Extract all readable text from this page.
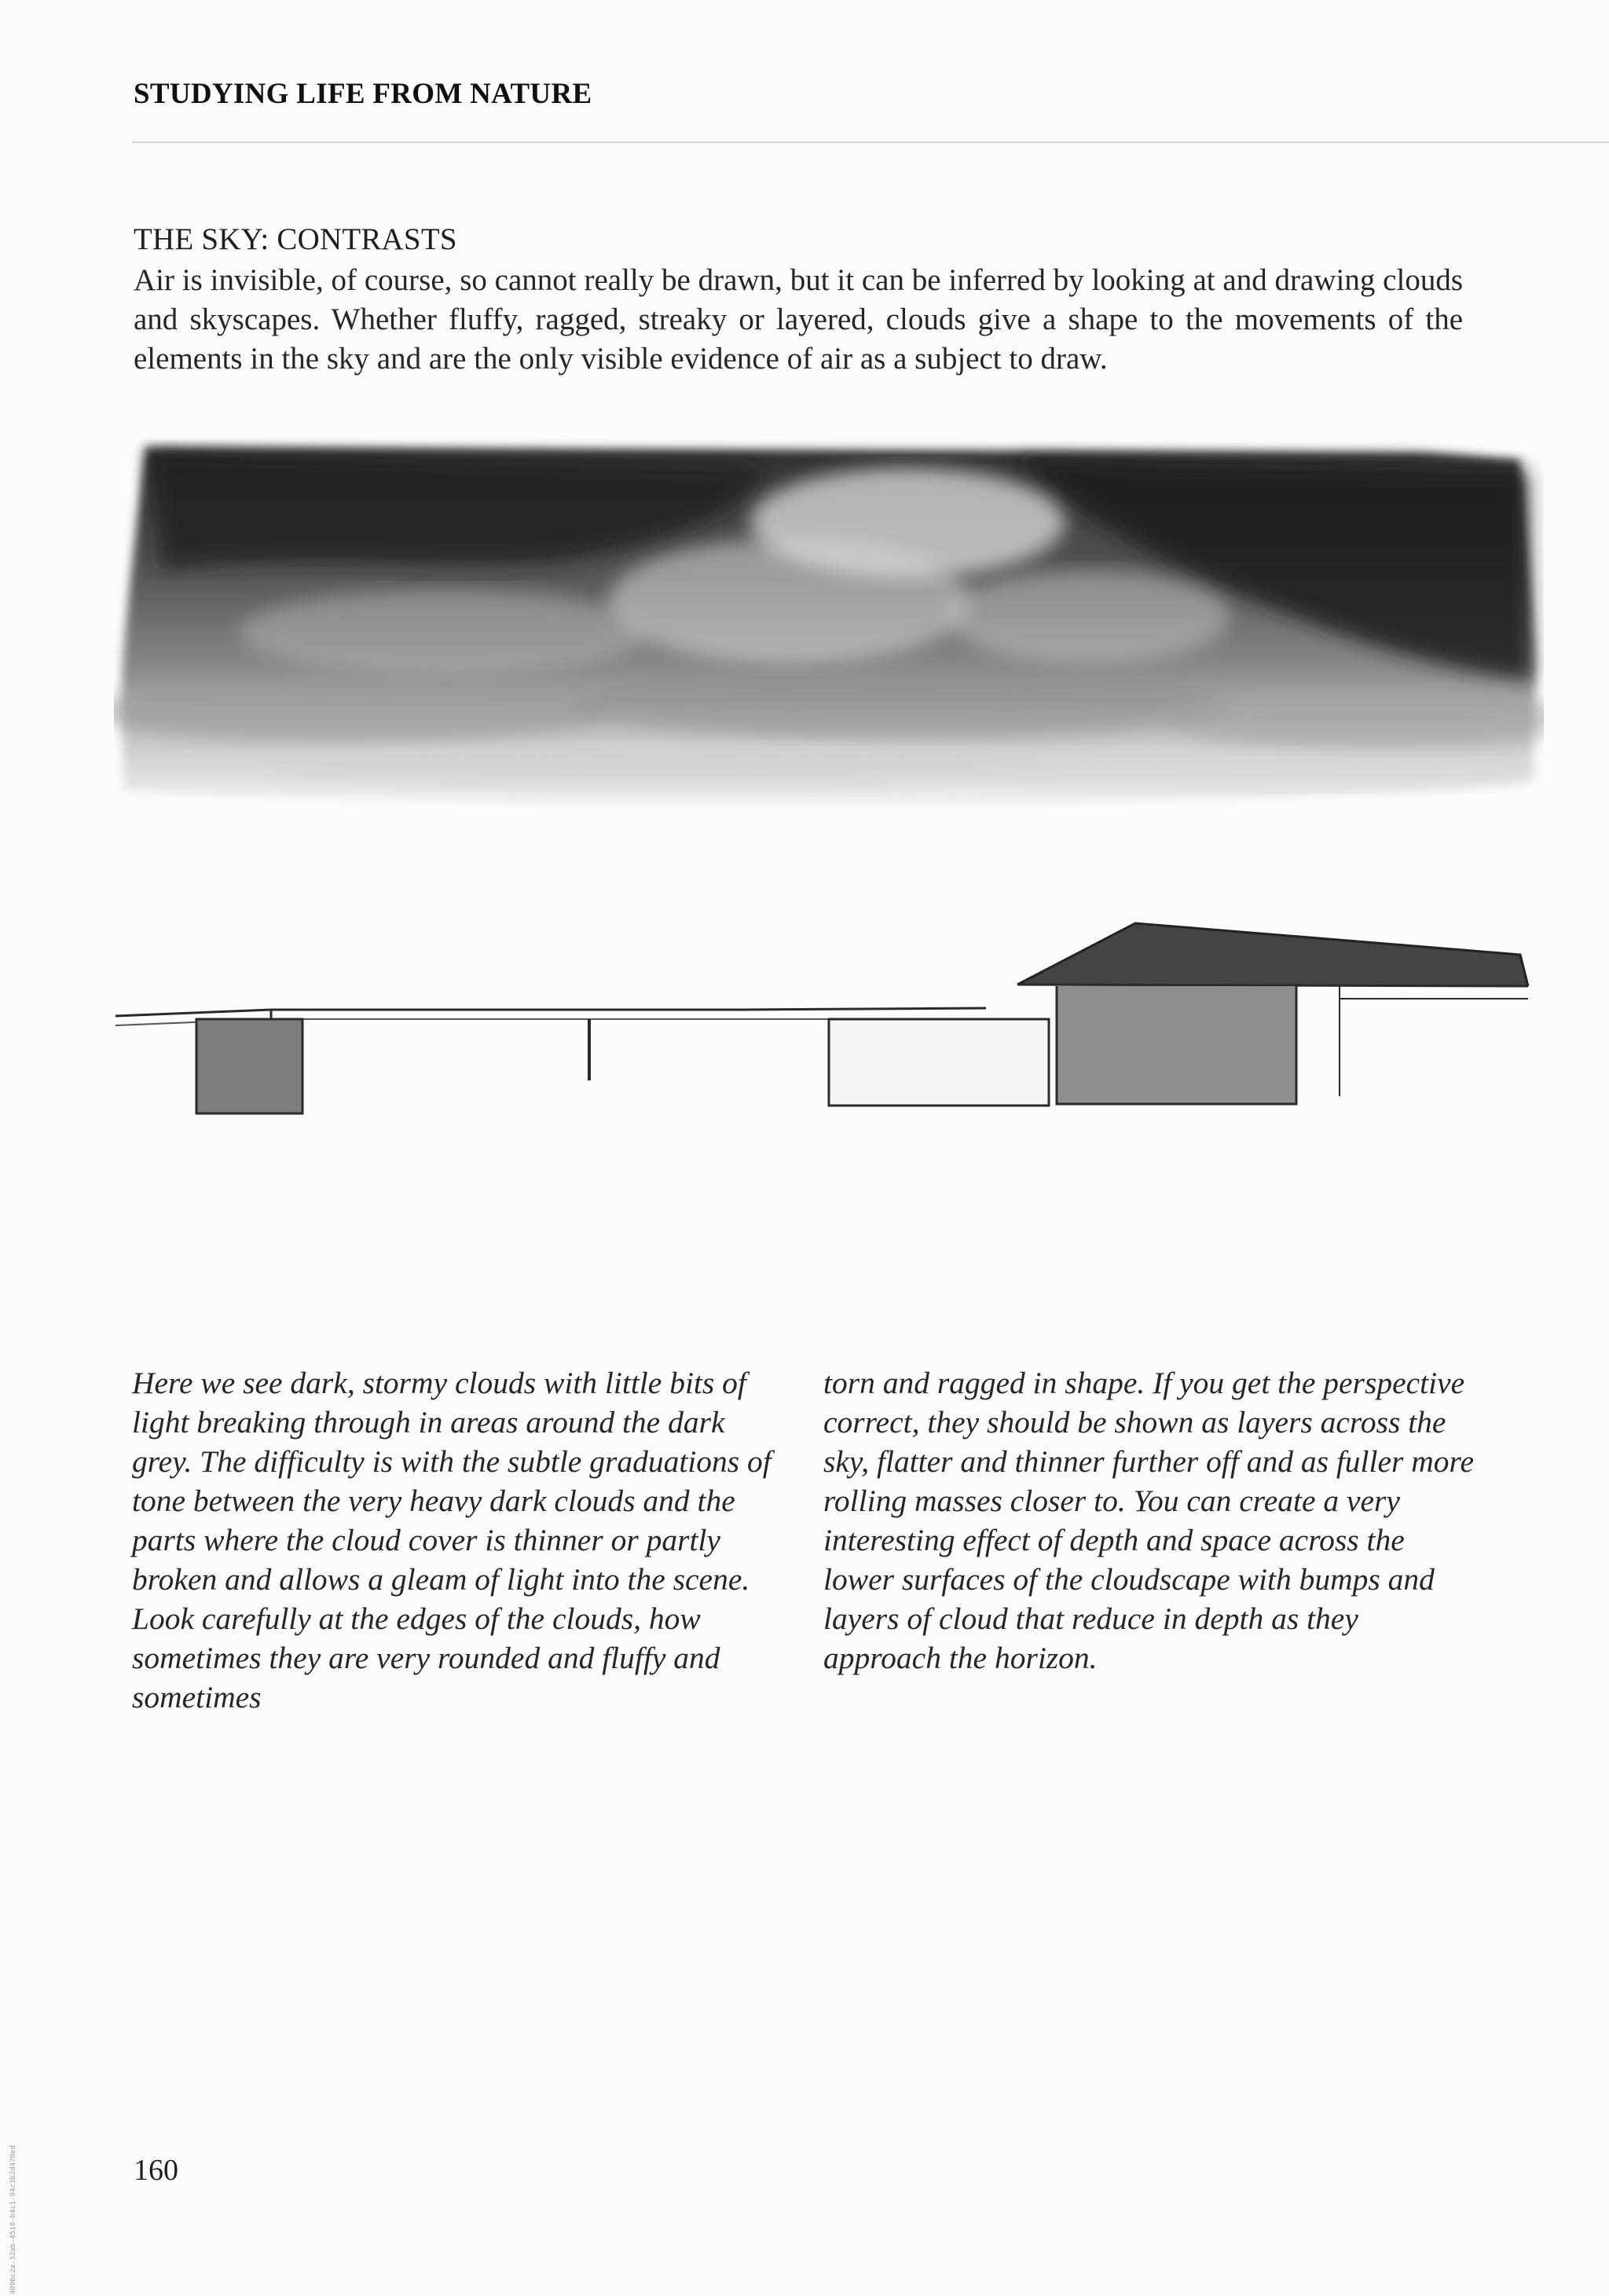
STUDYING LIFE FROM NATURE
THE SKY: CONTRASTS
Air is invisible, of course, so cannot really be drawn, but it can be inferred by looking at and drawing clouds and skyscapes. Whether fluffy, ragged, streaky or layered, clouds give a shape to the movements of the elements in the sky and are the only visible evidence of air as a subject to draw.
Here we see dark, stormy clouds with little bits of light breaking through in areas around the dark grey. The difficulty is with the subtle graduations of tone between the very heavy dark clouds and the parts where the cloud cover is thinner or partly broken and allows a gleam of light into the scene. Look carefully at the edges of the clouds, how sometimes they are very rounded and fluffy and sometimes
torn and ragged in shape. If you get the perspective correct, they should be shown as layers across the sky, flatter and thinner further off and as fuller more rolling masses closer to. You can create a very interesting effect of depth and space across the lower surfaces of the cloudscape with bumps and layers of cloud that reduce in depth as they approach the horizon.
160
4006c2a-32ab-4510-b4c1-94c3b2d470ed
